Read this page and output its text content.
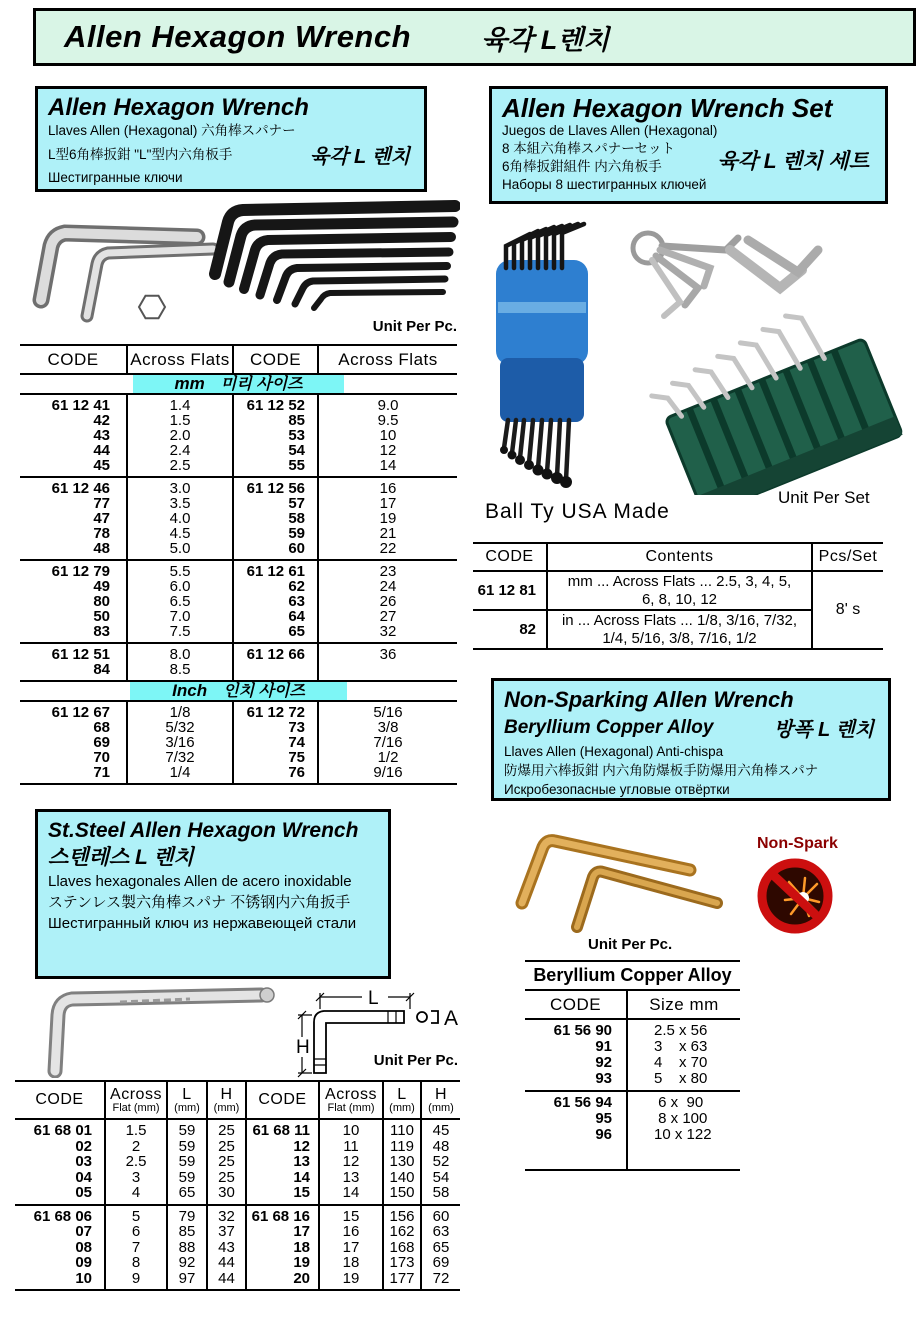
Allen Hexagon Wrench	육각 L렌치
Allen Hexagon Wrench
Llaves Allen (Hexagonal) 六角棒スパナー
L型6角棒扳鉗 "L"型内六角板手	육각 L 렌치
Шестигранные ключи
Unit Per Pc.
CODE	Across Flats	CODE	Across Flats
mm 미리 사이즈			
61 12 41	1.4	61 12 52	9.0
42	1.5	85	9.5
43	2.0	53	10
44	2.4	54	12
45	2.5	55	14
61 12 46	3.0	61 12 56	16
77	3.5	57	17
47	4.0	58	19
78	4.5	59	21
48	5.0	60	22
61 12 79	5.5	61 12 61	23
49	6.0	62	24
80	6.5	63	26
50	7.0	64	27
83	7.5	65	32
61 12 51	8.0	61 12 66	36
84	8.5		
Inch 인치 사이즈			
61 12 67	1/8	61 12 72	5/16
68	5/32	73	3/8
69	3/16	74	7/16
70	7/32	75	1/2
71	1/4	76	9/16
St.Steel Allen Hexagon Wrench
스텐레스 L 렌치
Llaves hexagonales Allen de acero inoxidable
ステンレス製六角棒スパナ 不锈钢内六角扳手
Шестигранный ключ из нержавеющей стали
L
H
A
Unit Per Pc.
CODE	Across
Flat (mm)

L
(mm)

H
(mm)	CODE	Across
Flat (mm)

L
(mm)

H
(mm)

61 68 01	1.5	59	25	61 68 11	10	110	45
02	2	59	25	12	11	119	48
03	2.5	59	25	13	12	130	52
04	3	59	25	14	13	140	54
05	4	65	30	15	14	150	58
61 68 06	5	79	32	61 68 16	15	156	60
07	6	85	37	17	16	162	63
08	7	88	43	18	17	168	65
09	8	92	44	19	18	173	69
10	9	97	44	20	19	177	72
Allen Hexagon Wrench Set
Juegos de Llaves Allen (Hexagonal)
8 本組六角棒スパナーセット
6角棒扳鉗組件 内六角板手
Наборы 8 шестигранных ключей
육각 L 렌치 세트
Unit Per Set
Ball Ty USA Made
CODE	Contents	Pcs/Set
61 12 81	mm ... Across Flats ... 2.5, 3, 4, 5,
6, 8, 10, 12	8' s
82	in ... Across Flats ... 1/8, 3/16, 7/32,
1/4, 5/16, 3/8, 7/16, 1/2	
Non-Sparking Allen Wrench
Beryllium Copper Alloy	방폭 L 렌치
Llaves Allen (Hexagonal) Anti-chispa
防爆用六棒扳鉗 内六角防爆板手防爆用六角棒スパナ
Искробезопасные угловые отвёртки
Non-Spark
Unit Per Pc.
Beryllium Copper Alloy	
CODE	Size mm
61 56 90	2.5 x 56
91	3    x 63
92	4    x 70
93	5    x 80
61 56 94	6 x  90
95	8 x 100
96	10 x 122
